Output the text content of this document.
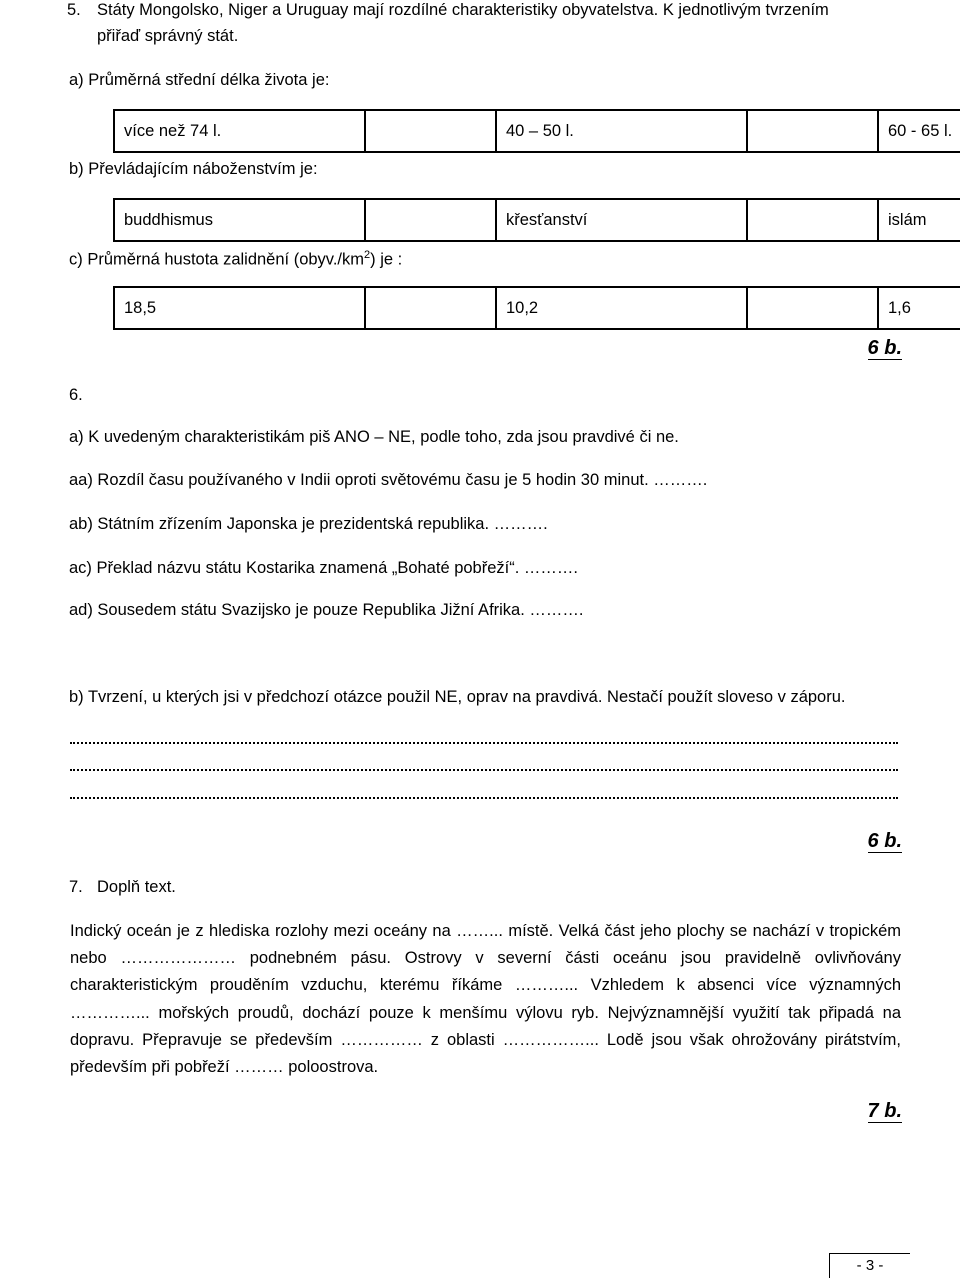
5. Státy Mongolsko, Niger a Uruguay mají rozdílné charakteristiky obyvatelstva. K jednotlivým tvrzením
přiřaď správný stát.
a) Průměrná střední délka života je:
více než 74 l.		40 – 50 l.		60 - 65 l.	
b) Převládajícím náboženstvím je:
buddhismus		křesťanství		islám	
c) Průměrná hustota zalidnění $(obyv./km^2)$ je :
18,5		10,2		1,6	
6 b.
6.
a) K uvedeným charakteristikám piš ANO – NE, podle toho, zda jsou pravdivé či ne.
aa) Rozdíl času používaného v Indii oproti světovému času je 5 hodin 30 minut. ……….
ab) Státním zřízením Japonska je prezidentská republika. ……….
ac) Překlad názvu státu Kostarika znamená „Bohaté pobřeží“. ……….
ad) Sousedem státu Svazijsko je pouze Republika Jižní Afrika. ……….
b) Tvrzení, u kterých jsi v předchozí otázce použil NE, oprav na pravdivá. Nestačí použít sloveso v záporu.
6 b.
7. Doplň text.
Indický oceán je z hlediska rozlohy mezi oceány na ……... místě. Velká část jeho plochy se nachází v tropickém nebo ………………… podnebném pásu. Ostrovy v severní části oceánu jsou pravidelně ovlivňovány charakteristickým prouděním vzduchu, kterému říkáme ………... Vzhledem k absenci více významných …………... mořských proudů, dochází pouze k menšímu výlovu ryb. Nejvýznamnější využití tak připadá na dopravu. Přepravuje se především …………… z oblasti ……………... Lodě jsou však ohrožovány pirátstvím, především při pobřeží ……… poloostrova.
7 b.
- 3 -
